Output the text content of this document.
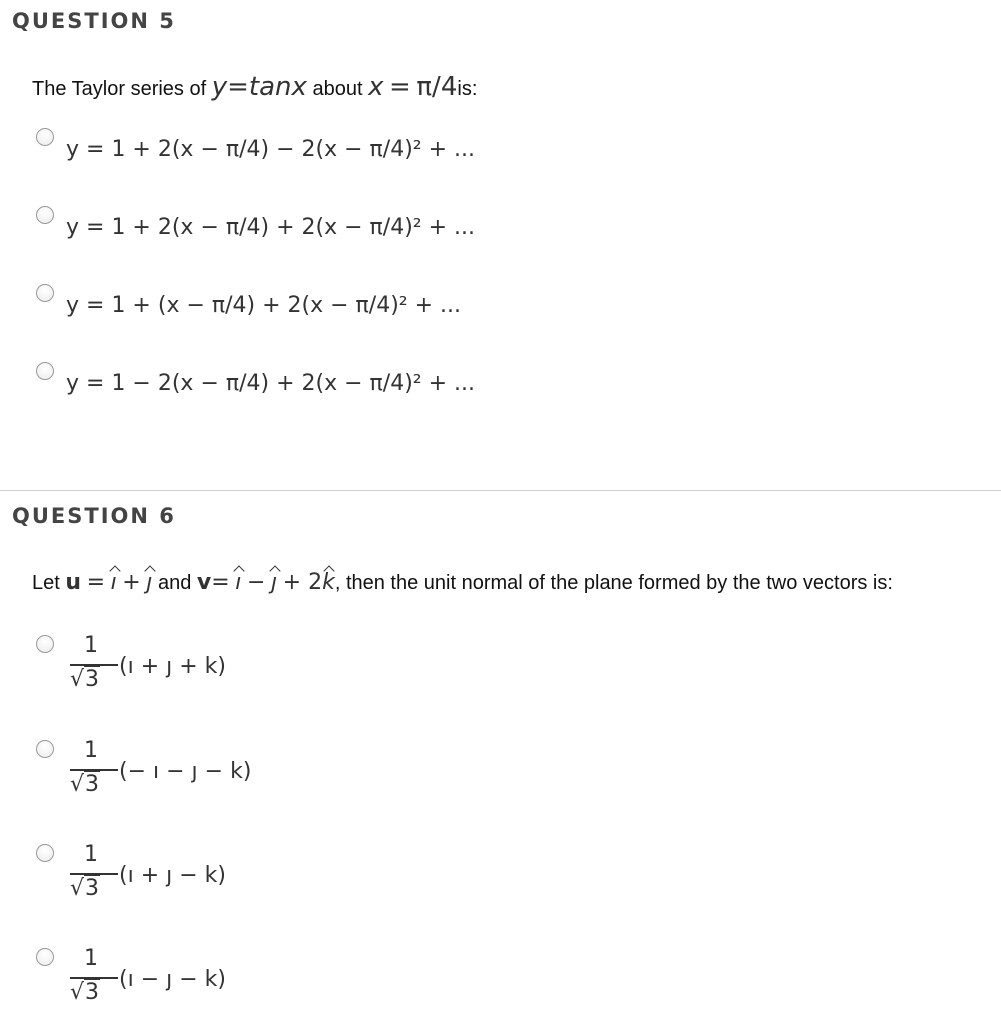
QUESTION 5
The Taylor series of y=tanx about x = π/4is:
y = 1 + 2(x − π/4) − 2(x − π/4)² + ...
y = 1 + 2(x − π/4) + 2(x − π/4)² + ...
y = 1 + (x − π/4) + 2(x − π/4)² + ...
y = 1 − 2(x − π/4) + 2(x − π/4)² + ...
QUESTION 6
Let u = ı + ȷ and v= ı − ȷ + 2k, then the unit normal of the plane formed by the two vectors is:
1
√3
(ı + ȷ + k)
1
√3
(− ı − ȷ − k)
1
√3
(ı + ȷ − k)
1
√3
(ı − ȷ − k)
